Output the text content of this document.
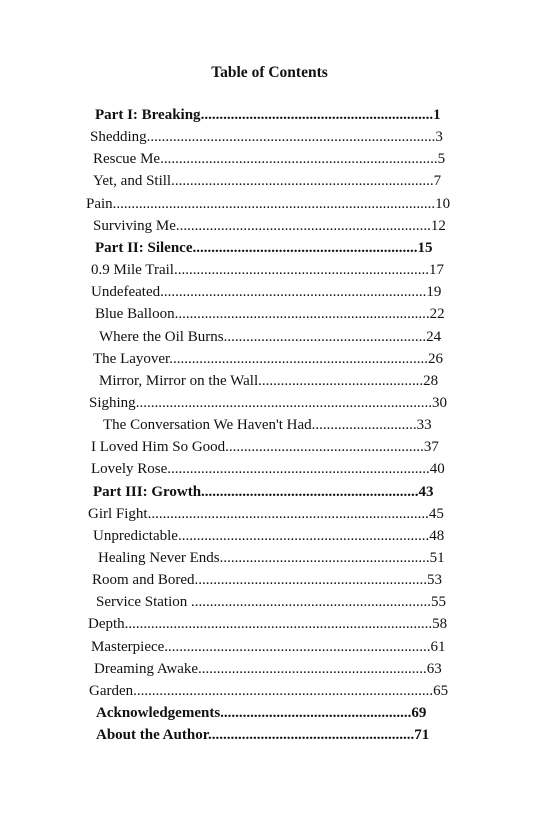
Table of Contents
Part I: Breaking..............................................................1
Shedding.............................................................................3
Rescue Me..........................................................................5
Yet, and Still......................................................................7
Pain......................................................................................10
Surviving Me....................................................................12
Part II: Silence............................................................15
0.9 Mile Trail....................................................................17
Undefeated.......................................................................19
Blue Balloon....................................................................22
Where the Oil Burns......................................................24
The Layover.....................................................................26
Mirror, Mirror on the Wall............................................28
Sighing...............................................................................30
The Conversation We Haven't Had............................33
I Loved Him So Good.....................................................37
Lovely Rose......................................................................40
Part III: Growth..........................................................43
Girl Fight...........................................................................45
Unpredictable...................................................................48
Healing Never Ends........................................................51
Room and Bored..............................................................53
Service Station ................................................................55
Depth..................................................................................58
Masterpiece.......................................................................61
Dreaming Awake.............................................................63
Garden................................................................................65
Acknowledgements...................................................69
About the Author.......................................................71
